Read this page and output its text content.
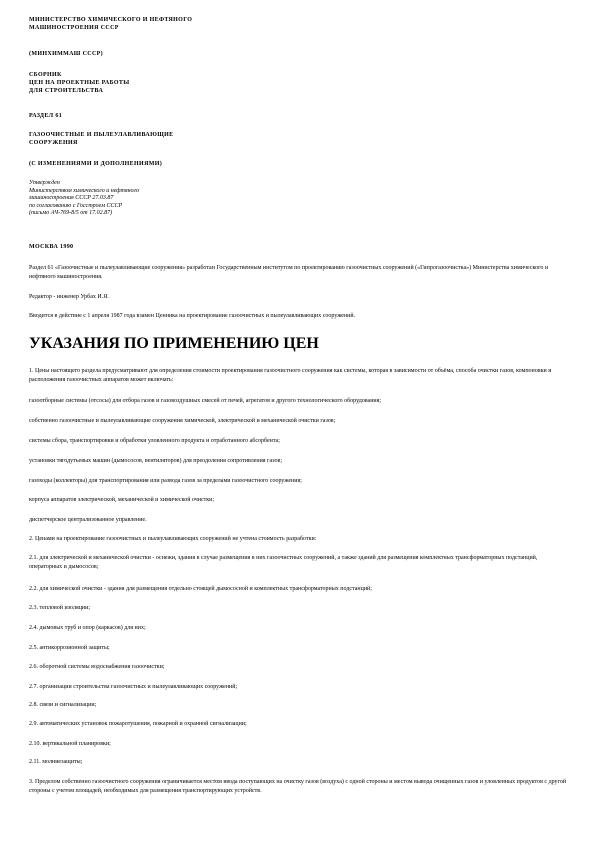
МИНИСТЕРСТВО ХИМИЧЕСКОГО И НЕФТЯНОГО
МАШИНОСТРОЕНИЯ СССР
(МИНХИММАШ СССР)
СБОРНИК
ЦЕН НА ПРОЕКТНЫЕ РАБОТЫ
ДЛЯ СТРОИТЕЛЬСТВА
РАЗДЕЛ 61
ГАЗООЧИСТНЫЕ И ПЫЛЕУЛАВЛИВАЮЩИЕ
СООРУЖЕНИЯ
(С ИЗМЕНЕНИЯМИ И ДОПОЛНЕНИЯМИ)
Утвержден
Министерством химического и нефтяного
машиностроения СССР 27.03.87
по согласованию с Госстроем СССР
(письмо АЧ-769-8/5 от 17.02.87)
МОСКВА 1990

Раздел 61 «Газоочистные и пылеулавливающие сооружения» разработан Государственным институтом по проектированию газоочистных сооружений («Гипрогазоочистка») Министерства химического и нефтяного машиностроения.

Редактор - инженер Урбах И.Я.

Вводится в действие с 1 апреля 1987 года взамен Ценника на проектирование газоочистных и пылеулавливающих сооружений.

УКАЗАНИЯ ПО ПРИМЕНЕНИЮ ЦЕН

1. Цены настоящего раздела предусматривают для определения стоимости проектирования газоочистного сооружения как системы, которая в зависимости от объёма, способа очистки газов, компоновки и расположения газоочистных аппаратов может включать:

газоотборные системы (отсосы) для отбора газов и газовоздушных смесей от печей, агрегатов и другого технологического оборудования;

собственно газоочистные и пылеулавливающие сооружения химической, электрической и механической очистки газов;

системы сбора, транспортировки и обработки уловленного продукта и отработанного абсорбента;

установки тягодутьевых машин (дымососов, вентиляторов) для преодоления сопротивления газов;

газоходы (коллекторы) для транспортирования или развода газов за пределами газоочистного сооружения;

корпуса аппаратов электрической, механической и химической очистки;

диспетчерское централизованное управление.

2. Ценами на проектирование газоочистных и пылеулавливающих сооружений не учтена стоимость разработки:

2.1. для электрической и механической очистки - оснежи, здания в случае размещения в них газоочистных сооружений, а также зданий для размещения комплектных трансформаторных подстанций, операторных и дымососов;

2.2. для химической очистки - здания для размещения отдельно стоящей дымососной и комплектных трансформаторных подстанций;

2.3. тепловой изоляции;

2.4. дымовых труб и опор (каркасов) для них;

2.5. антикоррозионной защиты;

2.6. оборотной системы водоснабжения газоочистки;

2.7. организации строительства газоочистных и пылеулавливающих сооружений;

2.8. связи и сигнализации;

2.9. автоматических установок пожаротушения, пожарной и охранной сигнализации;

2.10. вертикальной планировки;

2.11. молниезащиты;

3. Пределом собственно газоочистного сооружения ограничивается местом ввода поступающих на очистку газов (воздуха) с одной стороны и местом вывода очищенных газов и уловленных продуктов с другой стороны с учетом площадей, необходимых для размещения транспортирующих устройств.
